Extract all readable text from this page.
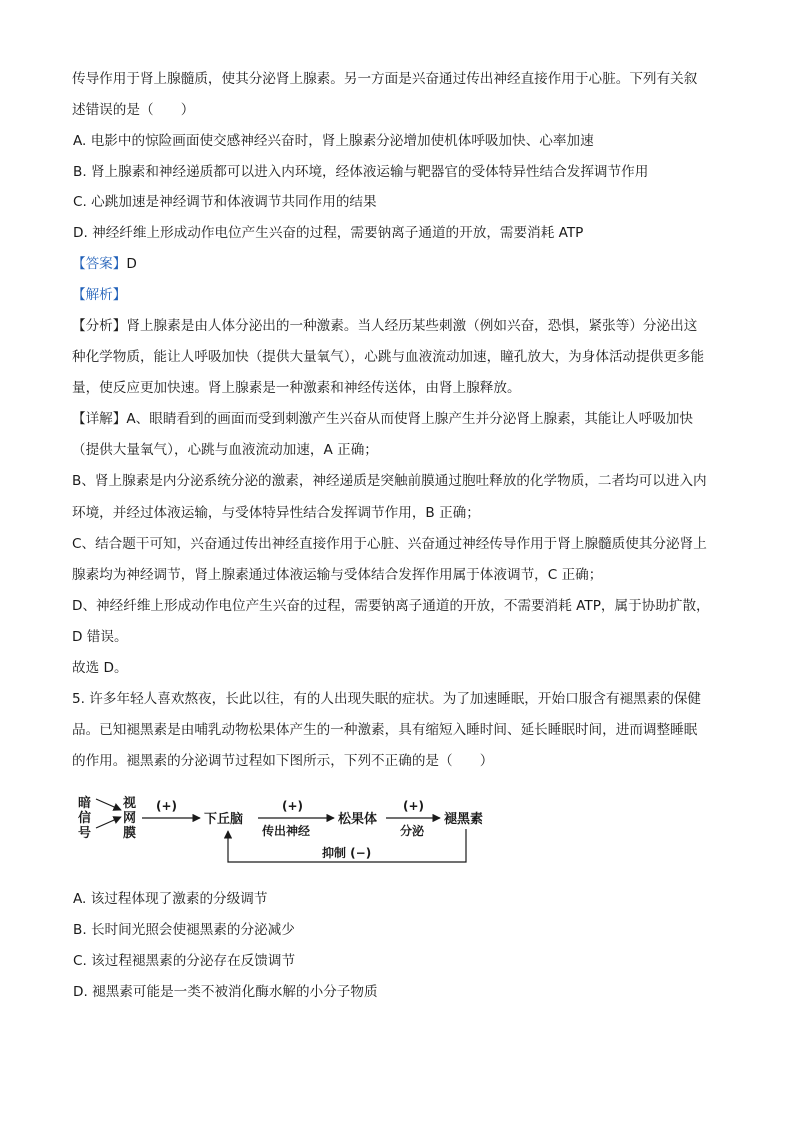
传导作用于肾上腺髓质，使其分泌肾上腺素。另一方面是兴奋通过传出神经直接作用于心脏。下列有关叙
述错误的是（　　）
A. 电影中的惊险画面使交感神经兴奋时，肾上腺素分泌增加使机体呼吸加快、心率加速
B. 肾上腺素和神经递质都可以进入内环境，经体液运输与靶器官的受体特异性结合发挥调节作用
C. 心跳加速是神经调节和体液调节共同作用的结果
D. 神经纤维上形成动作电位产生兴奋的过程，需要钠离子通道的开放，需要消耗 ATP
【答案】D
【解析】
【分析】肾上腺素是由人体分泌出的一种激素。当人经历某些刺激（例如兴奋，恐惧，紧张等）分泌出这
种化学物质，能让人呼吸加快（提供大量氧气），心跳与血液流动加速，瞳孔放大，为身体活动提供更多能
量，使反应更加快速。肾上腺素是一种激素和神经传送体，由肾上腺释放。
【详解】A、眼睛看到的画面而受到刺激产生兴奋从而使肾上腺产生并分泌肾上腺素，其能让人呼吸加快
（提供大量氧气），心跳与血液流动加速，A 正确；
B、肾上腺素是内分泌系统分泌的激素，神经递质是突触前膜通过胞吐释放的化学物质，二者均可以进入内
环境，并经过体液运输，与受体特异性结合发挥调节作用，B 正确；
C、结合题干可知，兴奋通过传出神经直接作用于心脏、兴奋通过神经传导作用于肾上腺髓质使其分泌肾上
腺素均为神经调节，肾上腺素通过体液运输与受体结合发挥作用属于体液调节，C 正确；
D、神经纤维上形成动作电位产生兴奋的过程，需要钠离子通道的开放，不需要消耗 ATP，属于协助扩散，
D 错误。
故选 D。
5. 许多年轻人喜欢熬夜，长此以往，有的人出现失眠的症状。为了加速睡眠，开始口服含有褪黑素的保健
品。已知褪黑素是由哺乳动物松果体产生的一种激素，具有缩短入睡时间、延长睡眠时间，进而调整睡眠
的作用。褪黑素的分泌调节过程如下图所示，下列不正确的是（　　）
暗
信
号
视
网
膜
(+)
下丘脑
(+)
传出神经
松果体
(+)
分泌
褪黑素
抑制 (−)
A. 该过程体现了激素的分级调节
B. 长时间光照会使褪黑素的分泌减少
C. 该过程褪黑素的分泌存在反馈调节
D. 褪黑素可能是一类不被消化酶水解的小分子物质
